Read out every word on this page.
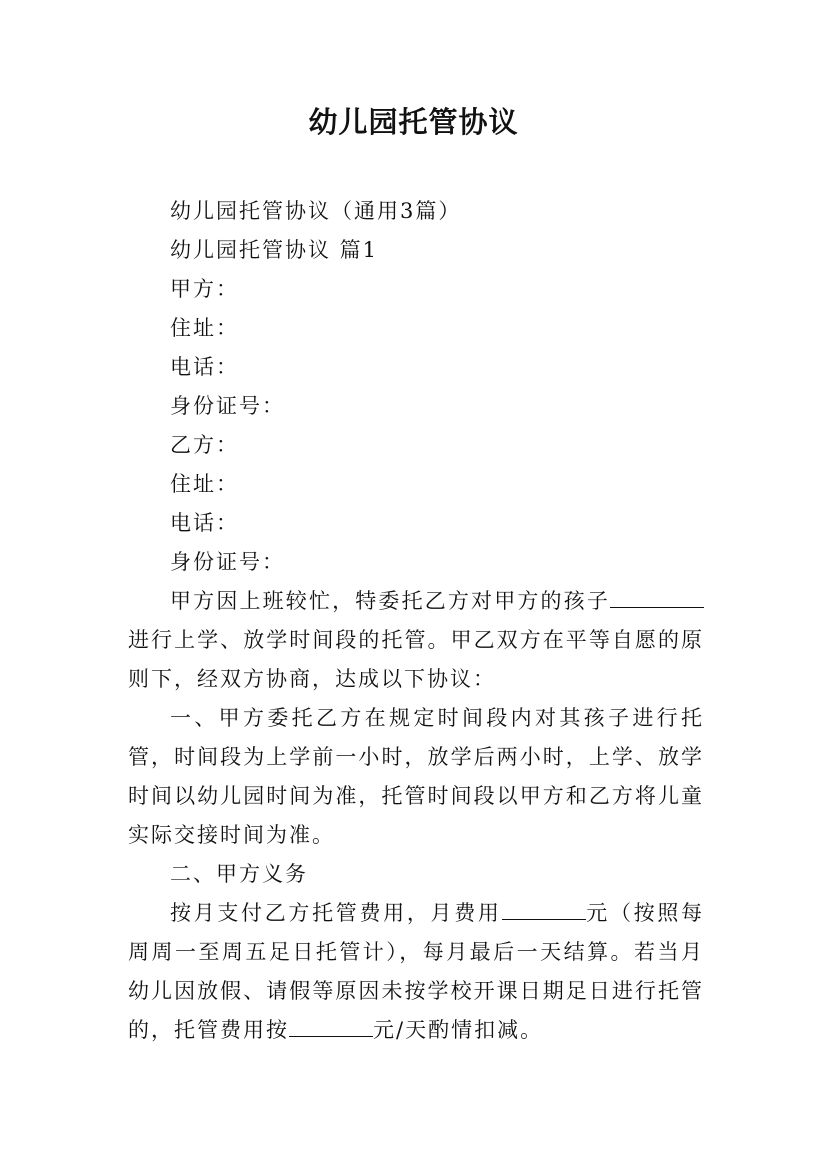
幼儿园托管协议

幼儿园托管协议（通用3篇）

幼儿园托管协议 篇1

甲方：

住址：

电话：

身份证号：

乙方：

住址：

电话：

身份证号：

甲方因上班较忙，特委托乙方对甲方的孩子进行上学、放学时间段的托管。甲乙双方在平等自愿的原则下，经双方协商，达成以下协议：

一、甲方委托乙方在规定时间段内对其孩子进行托管，时间段为上学前一小时，放学后两小时，上学、放学时间以幼儿园时间为准，托管时间段以甲方和乙方将儿童实际交接时间为准。

二、甲方义务

按月支付乙方托管费用，月费用	元（按照每周周一至周五足日托管计），每月最后一天结算。若当月幼儿因放假、请假等原因未按学校开课日期足日进行托管的，托管费用按	元/天酌情扣减。
